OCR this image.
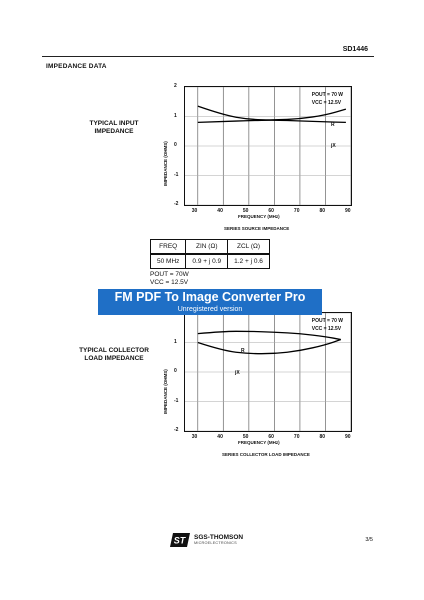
SD1446
IMPEDANCE DATA
TYPICAL INPUT
IMPEDANCE
IMPEDANCE (OHMS)
POUT = 70 W
VCC = 12.5V
R
jX
30	40	50	60	70	80	90
-2
-1
0
1
2
FREQUENCY (MHz)
SERIES SOURCE IMPEDANCE
FREQ	ZIN (Ω)	ZCL (Ω)
50 MHz	0.9 + j 0.9	1.2 + j 0.6
POUT = 70W
VCC = 12.5V
TYPICAL COLLECTOR
LOAD IMPEDANCE
IMPEDANCE (OHMS)
POUT = 70 W
VCC = 12.5V
R
jX
30	40	50	60	70	80	90
-2
-1
0
1
FREQUENCY (MHz)
SERIES COLLECTOR LOAD IMPEDANCE
FM PDF To Image Converter Pro
Unregistered version
3/5
ST SGS-THOMSON
MICROELECTRONICS
